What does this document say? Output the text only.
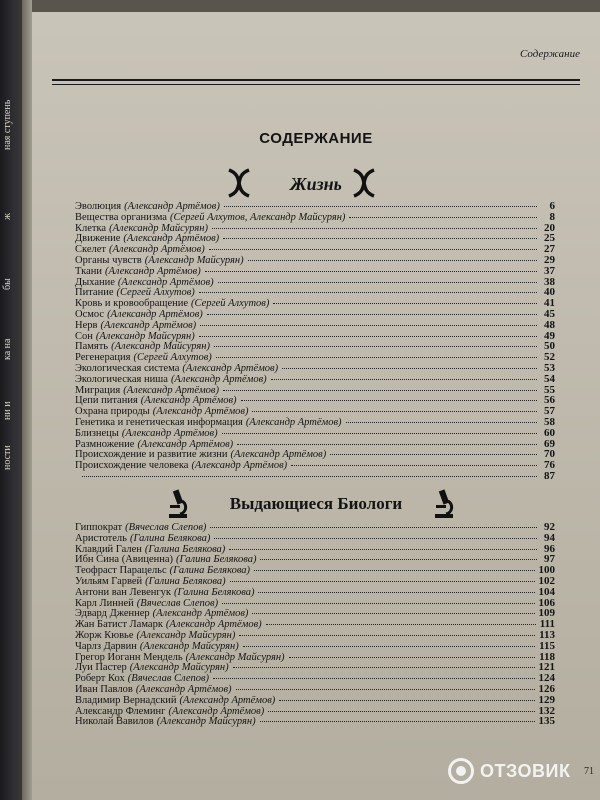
ная ступень
ж
бы
ка на
ни и
ности
Содержание
СОДЕРЖАНИЕ
Жизнь
Эволюция (Александр Артёмов)	6
Вещества организма (Сергей Алхутов, Александр Майсурян)	8
Клетка (Александр Майсурян)	20
Движение (Александр Артёмов)	25
Скелет (Александр Артёмов)	27
Органы чувств (Александр Майсурян)	29
Ткани (Александр Артёмов)	37
Дыхание (Александр Артёмов)	38
Питание (Сергей Алхутов)	40
Кровь и кровообращение (Сергей Алхутов)	41
Осмос (Александр Артёмов)	45
Нерв (Александр Артёмов)	48
Сон (Александр Майсурян)	49
Память (Александр Майсурян)	50
Регенерация (Сергей Алхутов)	52
Экологическая система (Александр Артёмов)	53
Экологическая ниша (Александр Артёмов)	54
Миграция (Александр Артёмов)	55
Цепи питания (Александр Артёмов)	56
Охрана природы (Александр Артёмов)	57
Генетика и генетическая информация (Александр Артёмов)	58
Близнецы (Александр Артёмов)	60
Размножение (Александр Артёмов)	69
Происхождение и развитие жизни (Александр Артёмов)	70
Происхождение человека (Александр Артёмов)	76
87
Выдающиеся Биологи
Гиппократ (Вячеслав Слепов)	92
Аристотель (Галина Белякова)	94
Клавдий Гален (Галина Белякова)	96
Ибн Сина (Авиценна) (Галина Белякова)	97
Теофраст Парацельс (Галина Белякова)	100
Уильям Гарвей (Галина Белякова)	102
Антони ван Левенгук (Галина Белякова)	104
Карл Линней (Вячеслав Слепов)	106
Эдвард Дженнер (Александр Артёмов)	109
Жан Батист Ламарк (Александр Артёмов)	111
Жорж Кювье (Александр Майсурян)	113
Чарлз Дарвин (Александр Майсурян)	115
Грегор Иоганн Мендель (Александр Майсурян)	118
Луи Пастер (Александр Майсурян)	121
Роберт Кох (Вячеслав Слепов)	124
Иван Павлов (Александр Артёмов)	126
Владимир Вернадский (Александр Артёмов)	129
Александр Флеминг (Александр Артёмов)	132
Николай Вавилов (Александр Майсурян)	135
71
ОТЗОВИК
